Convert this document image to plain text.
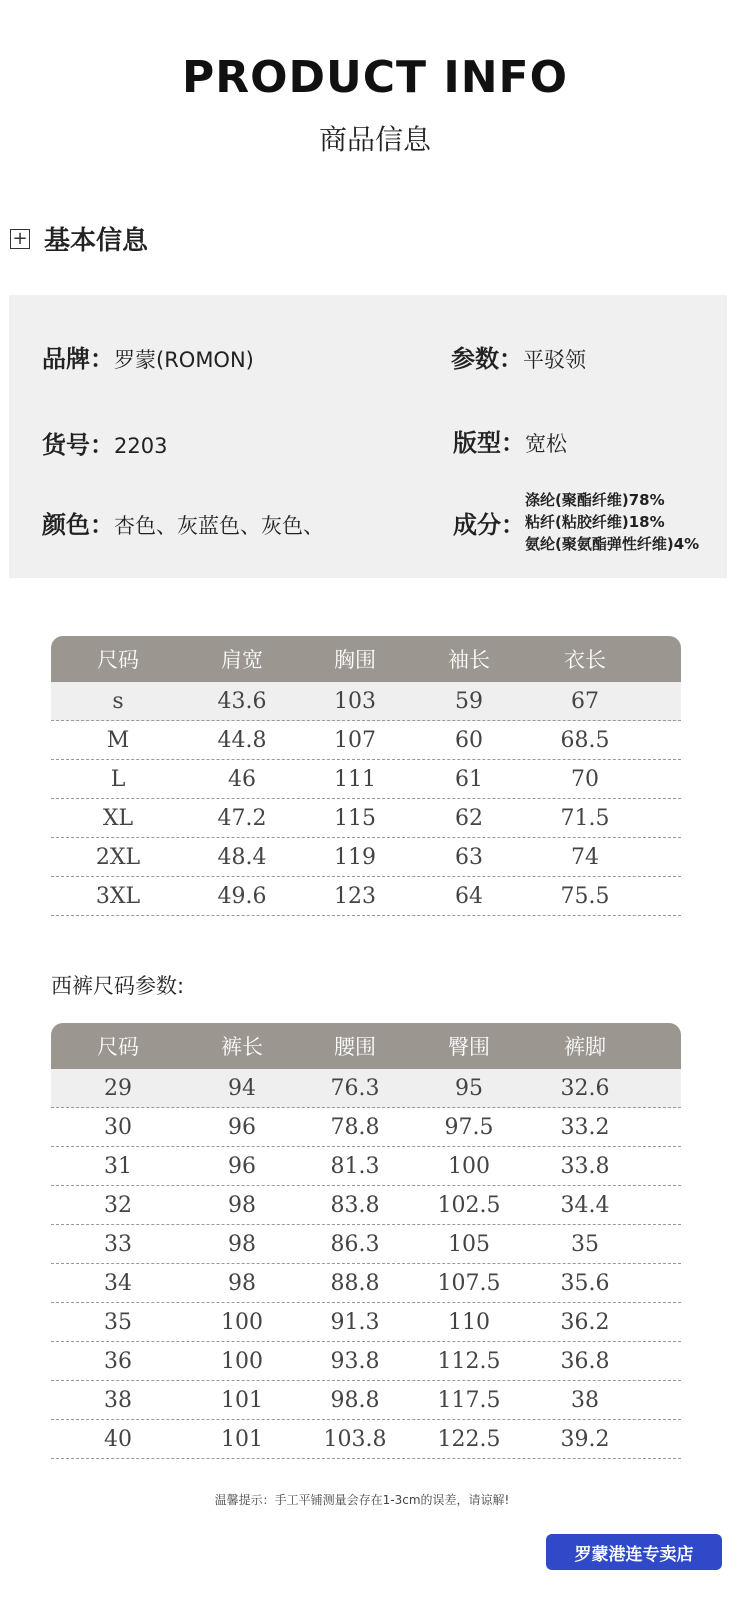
PRODUCT INFO
商品信息
+ 基本信息
品牌： 罗蒙(ROMON)	参数： 平驳领
货号： 2203	版型： 宽松
颜色： 杏色、灰蓝色、灰色、	成分：
涤纶(聚酯纤维)78%
粘纤(粘胶纤维)18%
氨纶(聚氨酯弹性纤维)4%
尺码	肩宽	胸围	袖长	衣长
s	43.6	103	59	67
M	44.8	107	60	68.5
L	46	111	61	70
XL	47.2	115	62	71.5
2XL	48.4	119	63	74
3XL	49.6	123	64	75.5
西裤尺码参数:
尺码	裤长	腰围	臀围	裤脚
29	94	76.3	95	32.6
30	96	78.8	97.5	33.2
31	96	81.3	100	33.8
32	98	83.8	102.5	34.4
33	98	86.3	105	35
34	98	88.8	107.5	35.6
35	100	91.3	110	36.2
36	100	93.8	112.5	36.8
38	101	98.8	117.5	38
40	101	103.8	122.5	39.2
温馨提示：手工平铺测量会存在1-3cm的误差，请谅解!
罗蒙港连专卖店
